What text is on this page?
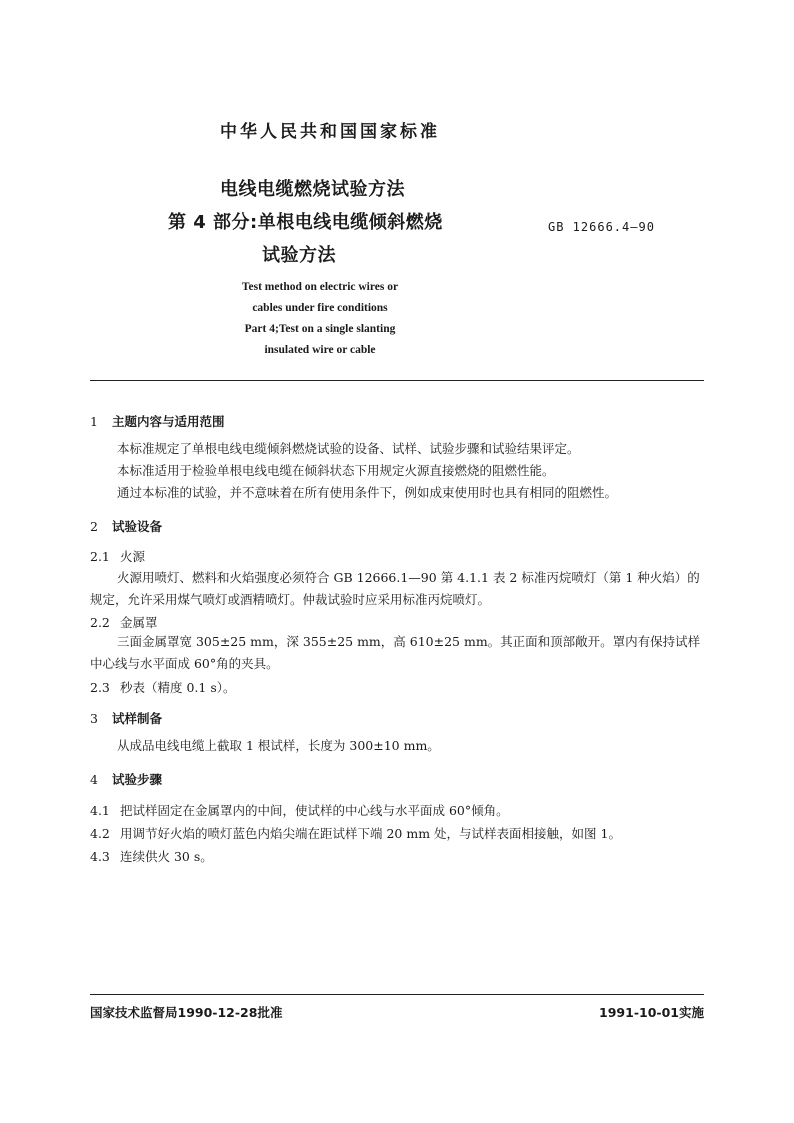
中华人民共和国国家标准
电线电缆燃烧试验方法
第 4 部分:单根电线电缆倾斜燃烧
试验方法
GB 12666.4—90
Test method on electric wires or
cables under fire conditions
Part 4;Test on a single slanting
insulated wire or cable
1 主题内容与适用范围
本标准规定了单根电线电缆倾斜燃烧试验的设备、试样、试验步骤和试验结果评定。
本标准适用于检验单根电线电缆在倾斜状态下用规定火源直接燃烧的阻燃性能。
通过本标准的试验，并不意味着在所有使用条件下，例如成束使用时也具有相同的阻燃性。
2 试验设备
2.1 火源
火源用喷灯、燃料和火焰强度必须符合 GB 12666.1—90 第 4.1.1 表 2 标准丙烷喷灯（第 1 种火焰）的规定，允许采用煤气喷灯或酒精喷灯。仲裁试验时应采用标准丙烷喷灯。
2.2 金属罩
三面金属罩宽 305±25 mm，深 355±25 mm，高 610±25 mm。其正面和顶部敞开。罩内有保持试样中心线与水平面成 60°角的夹具。
2.3 秒表（精度 0.1 s）。
3 试样制备
从成品电线电缆上截取 1 根试样，长度为 300±10 mm。
4 试验步骤
4.1 把试样固定在金属罩内的中间，使试样的中心线与水平面成 60°倾角。
4.2 用调节好火焰的喷灯蓝色内焰尖端在距试样下端 20 mm 处，与试样表面相接触，如图 1。
4.3 连续供火 30 s。
国家技术监督局1990-12-28批准	1991-10-01实施
